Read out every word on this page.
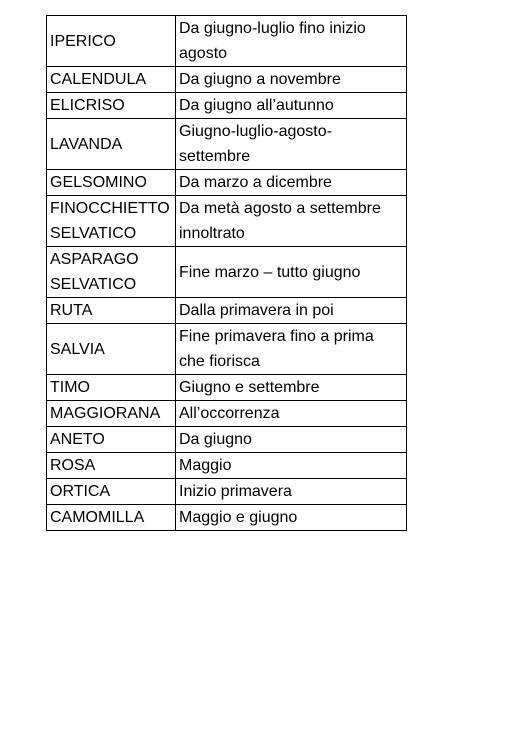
IPERICO	Da giugno-luglio fino inizio agosto
CALENDULA	Da giugno a novembre
ELICRISO	Da giugno all’autunno
LAVANDA	Giugno-luglio-agosto-settembre
GELSOMINO	Da marzo a dicembre
FINOCCHIETTO SELVATICO	Da metà agosto a settembre innoltrato
ASPARAGO SELVATICO	Fine marzo – tutto giugno
RUTA	Dalla primavera in poi
SALVIA	Fine primavera fino a prima che fiorisca
TIMO	Giugno e settembre
MAGGIORANA	All’occorrenza
ANETO	Da giugno
ROSA	Maggio
ORTICA	Inizio primavera
CAMOMILLA	Maggio e giugno
